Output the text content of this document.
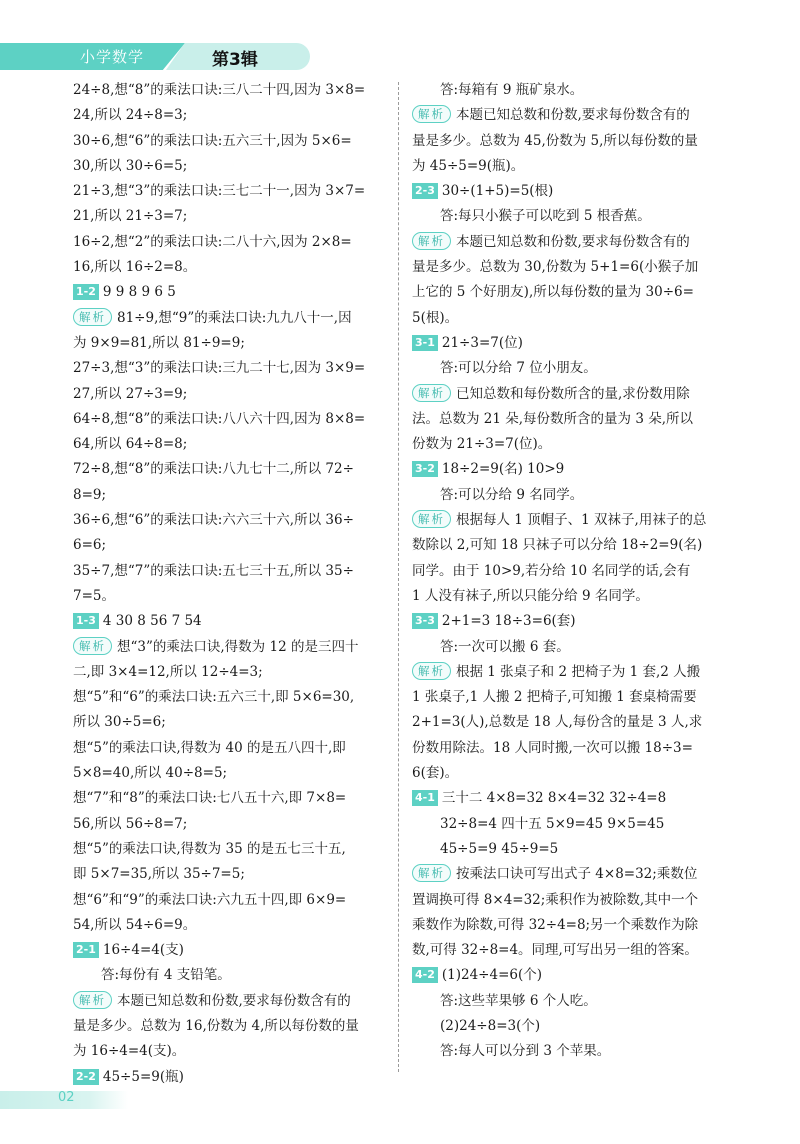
小学数学	第3辑
24÷8,想“8”的乘法口诀:三八二十四,因为 3×8=
24,所以 24÷8=3;
30÷6,想“6”的乘法口诀:五六三十,因为 5×6=
30,所以 30÷6=5;
21÷3,想“3”的乘法口诀:三七二十一,因为 3×7=
21,所以 21÷3=7;
16÷2,想“2”的乘法口诀:二八十六,因为 2×8=
16,所以 16÷2=8。
1-2 9 9 8 9 6 5
解析 81÷9,想“9”的乘法口诀:九九八十一,因
为 9×9=81,所以 81÷9=9;
27÷3,想“3”的乘法口诀:三九二十七,因为 3×9=
27,所以 27÷3=9;
64÷8,想“8”的乘法口诀:八八六十四,因为 8×8=
64,所以 64÷8=8;
72÷8,想“8”的乘法口诀:八九七十二,所以 72÷
8=9;
36÷6,想“6”的乘法口诀:六六三十六,所以 36÷
6=6;
35÷7,想“7”的乘法口诀:五七三十五,所以 35÷
7=5。
1-3 4 30 8 56 7 54
解析 想“3”的乘法口诀,得数为 12 的是三四十
二,即 3×4=12,所以 12÷4=3;
想“5”和“6”的乘法口诀:五六三十,即 5×6=30,
所以 30÷5=6;
想“5”的乘法口诀,得数为 40 的是五八四十,即
5×8=40,所以 40÷8=5;
想“7”和“8”的乘法口诀:七八五十六,即 7×8=
56,所以 56÷8=7;
想“5”的乘法口诀,得数为 35 的是五七三十五,
即 5×7=35,所以 35÷7=5;
想“6”和“9”的乘法口诀:六九五十四,即 6×9=
54,所以 54÷6=9。
2-1 16÷4=4(支)
答:每份有 4 支铅笔。
解析 本题已知总数和份数,要求每份数含有的
量是多少。总数为 16,份数为 4,所以每份数的量
为 16÷4=4(支)。
2-2 45÷5=9(瓶)
答:每箱有 9 瓶矿泉水。
解析 本题已知总数和份数,要求每份数含有的
量是多少。总数为 45,份数为 5,所以每份数的量
为 45÷5=9(瓶)。
2-3 30÷(1+5)=5(根)
答:每只小猴子可以吃到 5 根香蕉。
解析 本题已知总数和份数,要求每份数含有的
量是多少。总数为 30,份数为 5+1=6(小猴子加
上它的 5 个好朋友),所以每份数的量为 30÷6=
5(根)。
3-1 21÷3=7(位)
答:可以分给 7 位小朋友。
解析 已知总数和每份数所含的量,求份数用除
法。总数为 21 朵,每份数所含的量为 3 朵,所以
份数为 21÷3=7(位)。
3-2 18÷2=9(名) 10>9
答:可以分给 9 名同学。
解析 根据每人 1 顶帽子、1 双袜子,用袜子的总
数除以 2,可知 18 只袜子可以分给 18÷2=9(名)
同学。由于 10>9,若分给 10 名同学的话,会有
1 人没有袜子,所以只能分给 9 名同学。
3-3 2+1=3 18÷3=6(套)
答:一次可以搬 6 套。
解析 根据 1 张桌子和 2 把椅子为 1 套,2 人搬
1 张桌子,1 人搬 2 把椅子,可知搬 1 套桌椅需要
2+1=3(人),总数是 18 人,每份含的量是 3 人,求
份数用除法。18 人同时搬,一次可以搬 18÷3=
6(套)。
4-1 三十二 4×8=32 8×4=32 32÷4=8
32÷8=4 四十五 5×9=45 9×5=45
45÷5=9 45÷9=5
解析 按乘法口诀可写出式子 4×8=32;乘数位
置调换可得 8×4=32;乘积作为被除数,其中一个
乘数作为除数,可得 32÷4=8;另一个乘数作为除
数,可得 32÷8=4。同理,可写出另一组的答案。
4-2 (1)24÷4=6(个)
答:这些苹果够 6 个人吃。
(2)24÷8=3(个)
答:每人可以分到 3 个苹果。
02
